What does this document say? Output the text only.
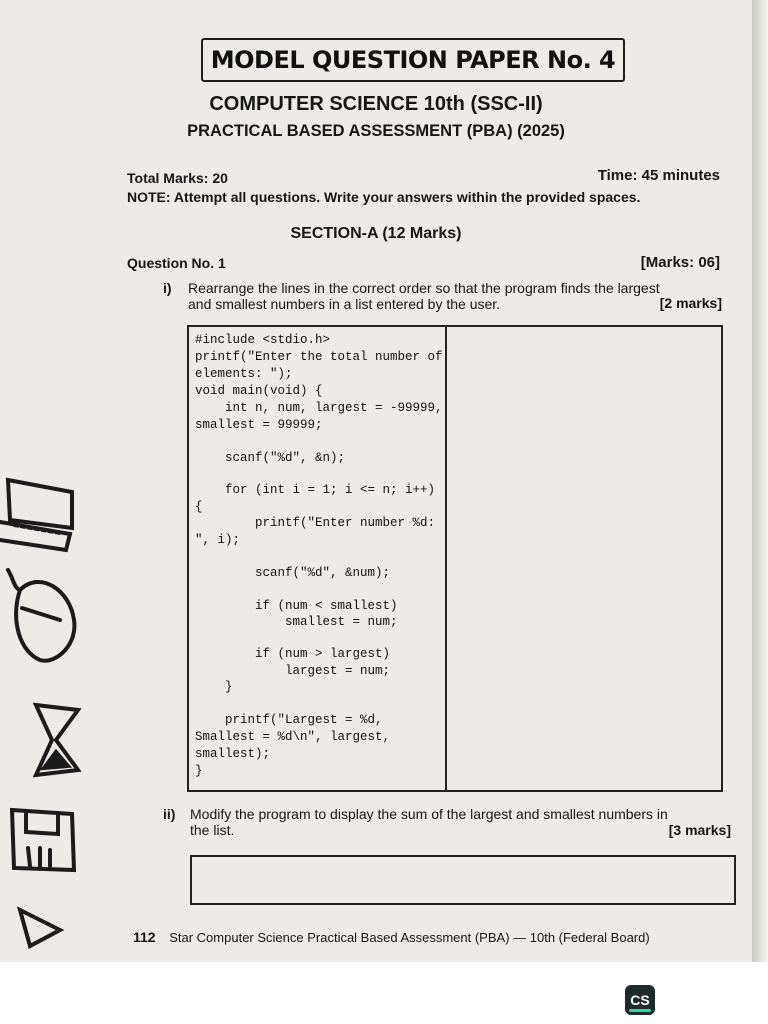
MODEL QUESTION PAPER No. 4
COMPUTER SCIENCE 10th (SSC-II)
PRACTICAL BASED ASSESSMENT (PBA) (2025)
Total Marks: 20	Time: 45 minutes
NOTE: Attempt all questions. Write your answers within the provided spaces.
SECTION-A (12 Marks)
Question No. 1	[Marks: 06]
i) Rearrange the lines in the correct order so that the program finds the largest
and smallest numbers in a list entered by the user.	[2 marks]
#include <stdio.h>
printf("Enter the total number of
elements: ");
void main(void) {
int n, num, largest = -99999,
smallest = 99999;
scanf("%d", &n);
for (int i = 1; i <= n; i++)
{
printf("Enter number %d:
", i);
scanf("%d", &num);
if (num < smallest)
smallest = num;
if (num > largest)
largest = num;
}
printf("Largest = %d,
Smallest = %d\n", largest,
smallest);
}
ii) Modify the program to display the sum of the largest and smallest numbers in
the list.	[3 marks]
112 Star Computer Science Practical Based Assessment (PBA) — 10th (Federal Board)
CS
